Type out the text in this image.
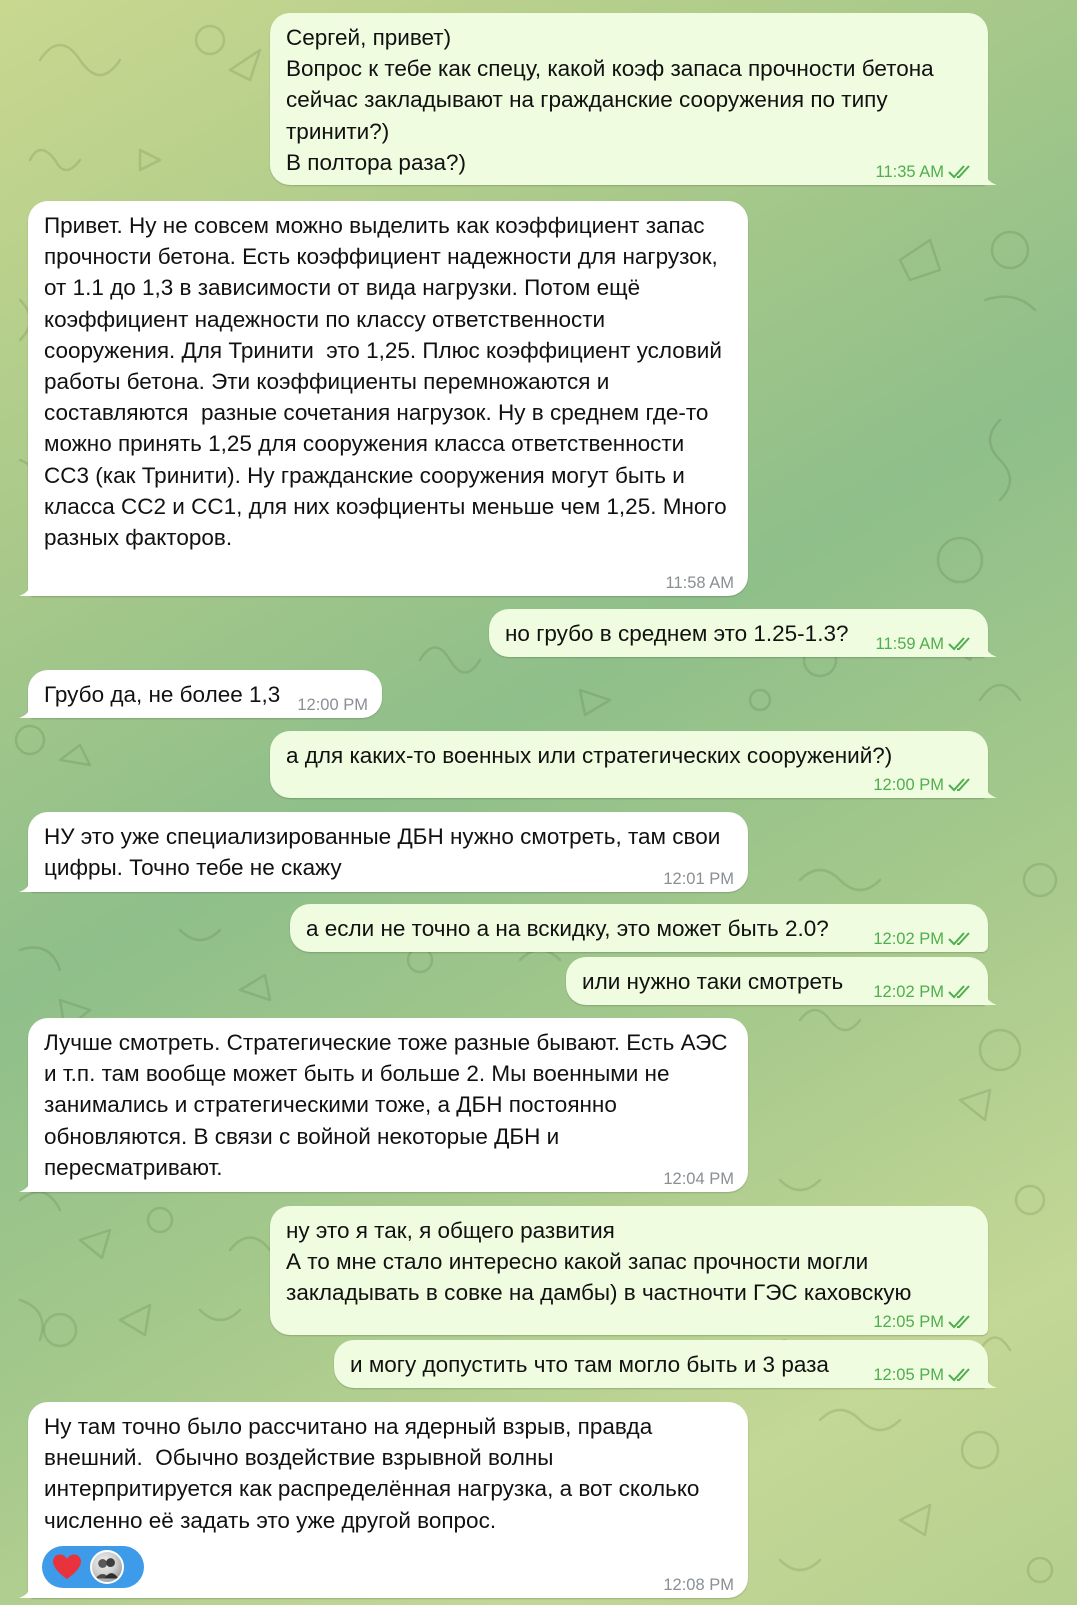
Сергей, привет)
Вопрос к тебе как спецу, какой коэф запаса прочности бетона сейчас закладывают на гражданские сооружения по типу тринити?)
В полтора раза?)	11:35 AM
Привет. Ну не совсем можно выделить как коэффициент запас прочности бетона. Есть коэффициент надежности для нагрузок, от 1.1 до 1,3 в зависимости от вида нагрузки. Потом ещё коэффициент надежности по классу ответственности сооружения. Для Тринити  это 1,25. Плюс коэффициент условий работы бетона. Эти коэффициенты перемножаются и составляются  разные сочетания нагрузок. Ну в среднем где-то можно принять 1,25 для сооружения класса ответственности СС3 (как Тринити). Ну гражданские сооружения могут быть и класса СС2 и СС1, для них коэфциенты меньше чем 1,25. Много разных факторов.
11:58 AM
но грубо в среднем это 1.25-1.3?	11:59 AM
Грубо да, не более 1,3	12:00 PM
а для каких-то военных или стратегических сооружений?)
12:00 PM
НУ это уже специализированные ДБН нужно смотреть, там свои цифры. Точно тебе не скажу	12:01 PM
а если не точно а на вскидку, это может быть 2.0?	12:02 PM
или нужно таки смотреть	12:02 PM
Лучше смотреть. Стратегические тоже разные бывают. Есть АЭС и т.п. там вообще может быть и больше 2. Мы военными не занимались и стратегическими тоже, а ДБН постоянно обновляются. В связи с войной некоторые ДБН и пересматривают.	12:04 PM
ну это я так, я общего развития
А то мне стало интересно какой запас прочности могли закладывать в совке на дамбы) в частночти ГЭС каховскую
12:05 PM
и могу допустить что там могло быть и 3 раза	12:05 PM
Ну там точно было рассчитано на ядерный взрыв, правда внешний.  Обычно воздействие взрывной волны интерпритируется как распределённая нагрузка, а вот сколько численно её задать это уже другой вопрос.
12:08 PM
